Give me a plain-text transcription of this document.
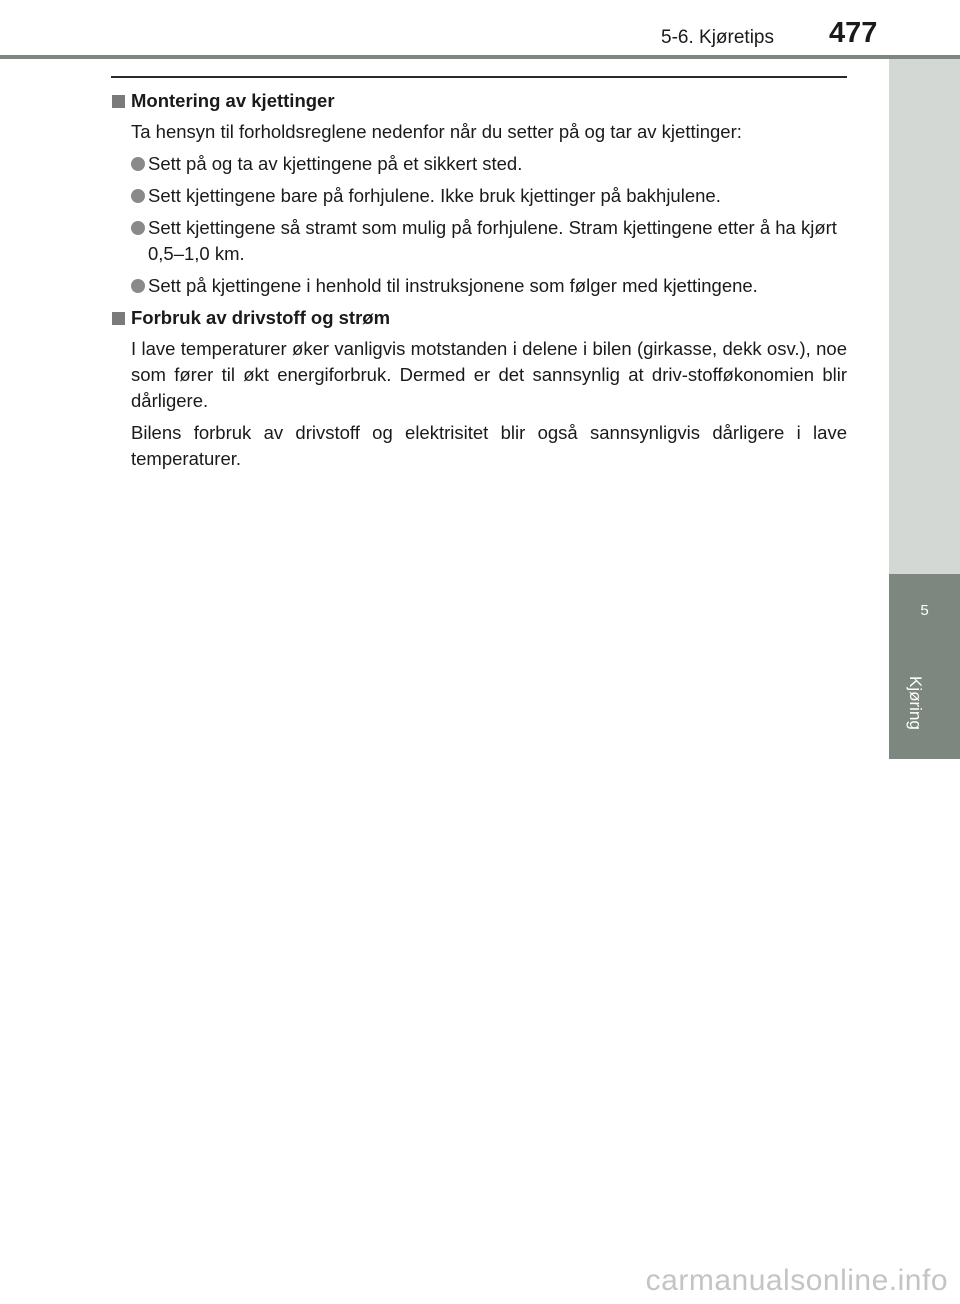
5-6. Kjøretips 477
5
Kjøring
Montering av kjettinger

Ta hensyn til forholdsreglene nedenfor når du setter på og tar av kjettinger:

Sett på og ta av kjettingene på et sikkert sted.
Sett kjettingene bare på forhjulene. Ikke bruk kjettinger på bakhjulene.
Sett kjettingene så stramt som mulig på forhjulene. Stram kjettingene etter å ha kjørt 0,5–1,0 km.
Sett på kjettingene i henhold til instruksjonene som følger med kjettingene.
Forbruk av drivstoff og strøm

I lave temperaturer øker vanligvis motstanden i delene i bilen (girkasse, dekk osv.), noe som fører til økt energiforbruk. Dermed er det sannsynlig at driv-stofføkonomien blir dårligere.

Bilens forbruk av drivstoff og elektrisitet blir også sannsynligvis dårligere i lave temperaturer.

carmanualsonline.info
